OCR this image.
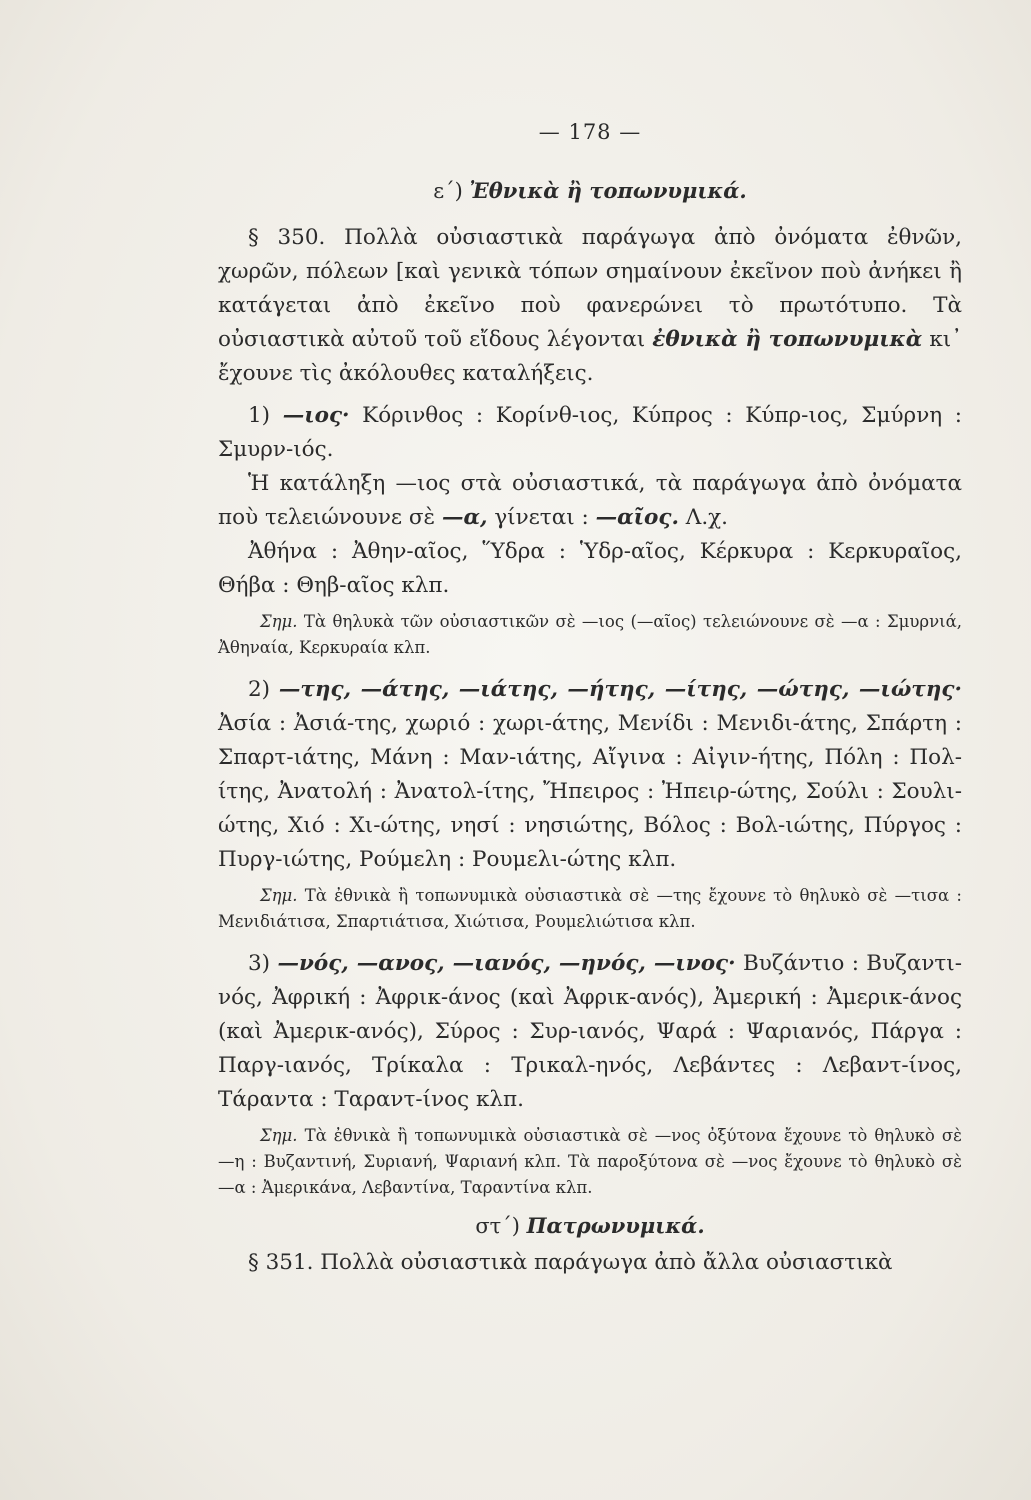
— 178 —
ε΄) Ἐθνικὰ ἢ τοπωνυμικά.

§ 350. Πολλὰ οὐσιαστικὰ παράγωγα ἀπὸ ὀνόματα ἐθνῶν, χωρῶν, πόλεων [καὶ γενικὰ τόπων σημαίνουν ἐκεῖνον ποὺ ἀνήκει ἢ κατάγεται ἀπὸ ἐκεῖνο ποὺ φανερώνει τὸ πρωτότυπο. Τὰ οὐσιαστικὰ αὐτοῦ τοῦ εἴδους λέγονται ἐθνικὰ ἢ τοπωνυμικὰ κι᾿ ἔχουνε τὶς ἀκόλουθες καταλήξεις.

1) —ιος· Κόρινθος : Κορίνθ-ιος, Κύπρος : Κύπρ-ιος, Σμύρνη : Σμυρν-ιός.

Ἡ κατάληξη —ιος στὰ οὐσιαστικά, τὰ παράγωγα ἀπὸ ὀνόματα ποὺ τελειώνουνε σὲ —α, γίνεται : —αῖος. Λ.χ.

Ἀθήνα : Ἀθην-αῖος, Ὕδρα : Ὑδρ-αῖος, Κέρκυρα : Κερκυραῖος, Θήβα : Θηβ-αῖος κλπ.

Σημ. Τὰ θηλυκὰ τῶν οὐσιαστικῶν σὲ —ιος (—αῖος) τελειώνουνε σὲ —α : Σμυρνιά, Ἀθηναία, Κερκυραία κλπ.

2) —της, —άτης, —ιάτης, —ήτης, —ίτης, —ώτης, —ιώτης· Ἀσία : Ἀσιά-της, χωριό : χωρι-άτης, Μενίδι : Μενιδι-άτης, Σπάρτη : Σπαρτ-ιάτης, Μάνη : Μαν-ιάτης, Αἴγινα : Αἰγιν-ήτης, Πόλη : Πολ-ίτης, Ἀνατολή : Ἀνατολ-ίτης, Ἤπειρος : Ἠπειρ-ώτης, Σούλι : Σουλι-ώτης, Χιό : Χι-ώτης, νησί : νησιώτης, Βόλος : Βολ-ιώτης, Πύργος : Πυργ-ιώτης, Ρούμελη : Ρουμελι-ώτης κλπ.

Σημ. Τὰ ἐθνικὰ ἢ τοπωνυμικὰ οὐσιαστικὰ σὲ —της ἔχουνε τὸ θηλυκὸ σὲ —τισα : Μενιδιάτισα, Σπαρτιάτισα, Χιώτισα, Ρουμελιώτισα κλπ.

3) —νός, —ανος, —ιανός, —ηνός, —ινος· Βυζάντιο : Βυζαντι-νός, Ἀφρική : Ἀφρικ-άνος (καὶ Ἀφρικ-ανός), Ἀμερική : Ἀμερικ-άνος (καὶ Ἀμερικ-ανός), Σύρος : Συρ-ιανός, Ψαρά : Ψαριανός, Πάργα : Παργ-ιανός, Τρίκαλα : Τρικαλ-ηνός, Λεβάντες : Λεβαντ-ίνος, Τάραντα : Ταραντ-ίνος κλπ.

Σημ. Τὰ ἐθνικὰ ἢ τοπωνυμικὰ οὐσιαστικὰ σὲ —νος ὀξύτονα ἔχουνε τὸ θηλυκὸ σὲ —η : Βυζαντινή, Συριανή, Ψαριανή κλπ. Τὰ παροξύτονα σὲ —νος ἔχουνε τὸ θηλυκὸ σὲ —α : Ἀμερικάνα, Λεβαντίνα, Ταραντίνα κλπ.

στ΄) Πατρωνυμικά.

§ 351. Πολλὰ οὐσιαστικὰ παράγωγα ἀπὸ ἄλλα οὐσιαστικὰ
